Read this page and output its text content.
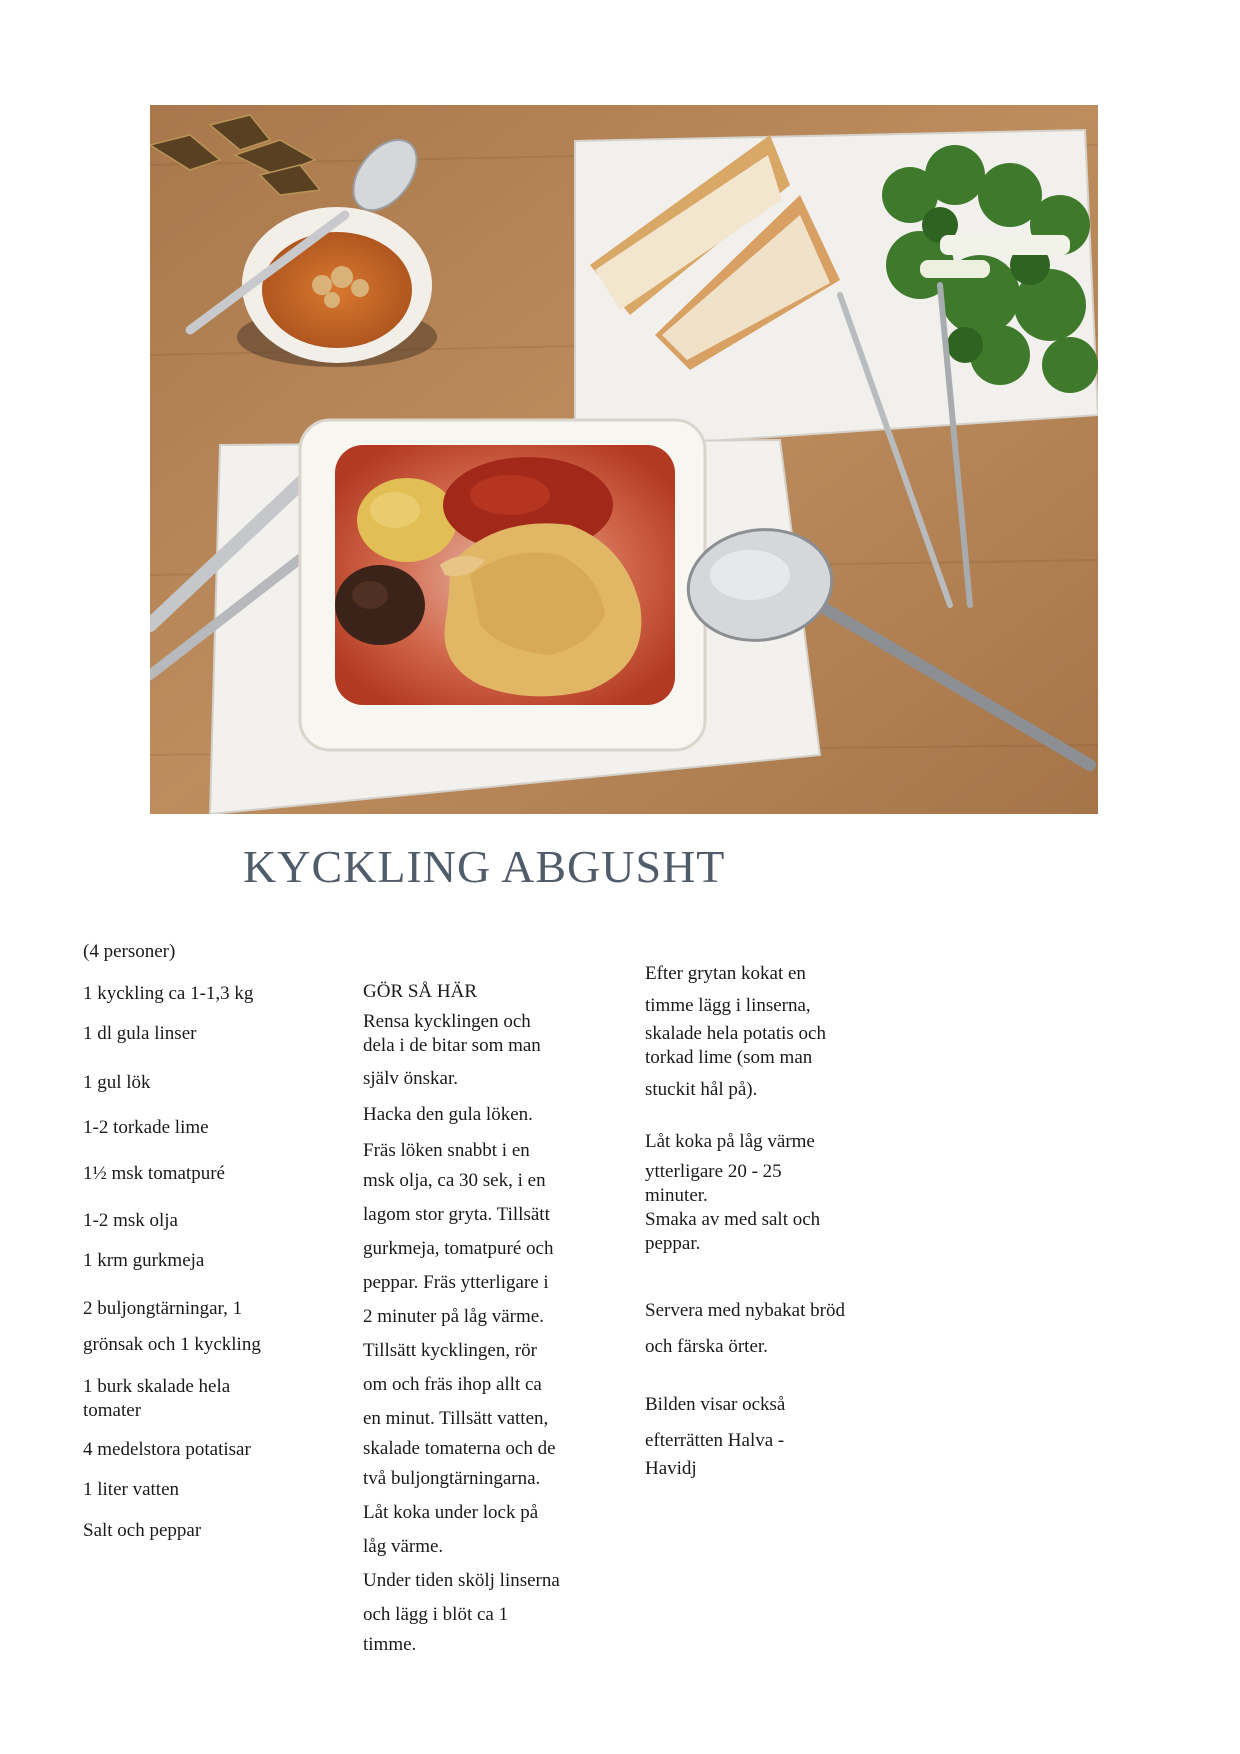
KYCKLING ABGUSHT

(4 personer)

1 kyckling ca 1-1,3 kg

1 dl gula linser

1 gul lök

1-2 torkade lime

1½ msk tomatpuré

1-2 msk olja

1 krm gurkmeja

2 buljongtärningar, 1

grönsak och 1 kyckling

1 burk skalade hela

tomater

4 medelstora potatisar

1 liter vatten

Salt och peppar

GÖR SÅ HÄR

Rensa kycklingen och

dela i de bitar som man

själv önskar.

Hacka den gula löken.

Fräs löken snabbt i en

msk olja, ca 30 sek, i en

lagom stor gryta. Tillsätt

gurkmeja, tomatpuré och

peppar. Fräs ytterligare i

2 minuter på låg värme.

Tillsätt kycklingen, rör

om och fräs ihop allt ca

en minut. Tillsätt vatten,

skalade tomaterna och de

två buljongtärningarna.

Låt koka under lock på

låg värme.

Under tiden skölj linserna

och lägg i blöt ca 1

timme.

Efter grytan kokat en

timme lägg i linserna,

skalade hela potatis och

torkad lime (som man

stuckit hål på).

Låt koka på låg värme

ytterligare 20 - 25

minuter.

Smaka av med salt och

peppar.

Servera med nybakat bröd

och färska örter.

Bilden visar också

efterrätten Halva -

Havidj
